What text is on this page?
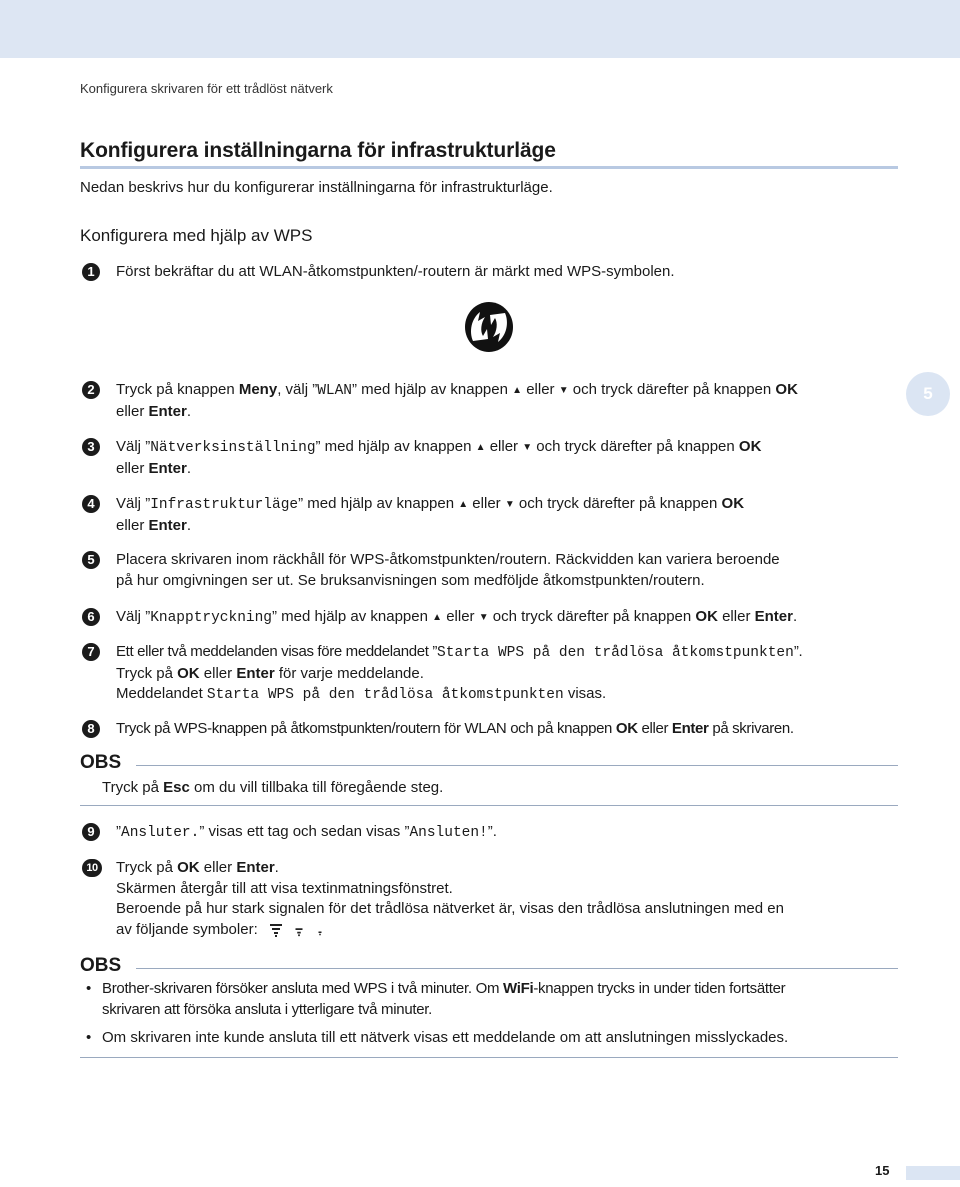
Konfigurera skrivaren för ett trådlöst nätverk
Konfigurera inställningarna för infrastrukturläge
Nedan beskrivs hur du konfigurerar inställningarna för infrastrukturläge.
Konfigurera med hjälp av WPS
5
1	Först bekräftar du att WLAN-åtkomstpunkten/-routern är märkt med WPS-symbolen.
2	Tryck på knappen Meny, välj ”WLAN” med hjälp av knappen ▲ eller ▼ och tryck därefter på knappen OK
eller Enter.
3	Välj ”Nätverksinställning” med hjälp av knappen ▲ eller ▼ och tryck därefter på knappen OK
eller Enter.
4	Välj ”Infrastrukturläge” med hjälp av knappen ▲ eller ▼ och tryck därefter på knappen OK
eller Enter.
5	Placera skrivaren inom räckhåll för WPS-åtkomstpunkten/routern. Räckvidden kan variera beroende
på hur omgivningen ser ut. Se bruksanvisningen som medföljde åtkomstpunkten/routern.
6	Välj ”Knapptryckning” med hjälp av knappen ▲ eller ▼ och tryck därefter på knappen OK eller Enter.
7	Ett eller två meddelanden visas före meddelandet ”Starta WPS på den trådlösa åtkomstpunkten”.
Tryck på OK eller Enter för varje meddelande.
Meddelandet Starta WPS på den trådlösa åtkomstpunkten visas.
8	Tryck på WPS-knappen på åtkomstpunkten/routern för WLAN och på knappen OK eller Enter på skrivaren.
OBS
Tryck på Esc om du vill tillbaka till föregående steg.
9	”Ansluter.” visas ett tag och sedan visas ”Ansluten!”.
10 Tryck på OK eller Enter.
Skärmen återgår till att visa textinmatningsfönstret.
Beroende på hur stark signalen för det trådlösa nätverket är, visas den trådlösa anslutningen med en
av följande symboler:
OBS
• Brother-skrivaren försöker ansluta med WPS i två minuter. Om WiFi-knappen trycks in under tiden fortsätter
skrivaren att försöka ansluta i ytterligare två minuter.
• Om skrivaren inte kunde ansluta till ett nätverk visas ett meddelande om att anslutningen misslyckades.
15
